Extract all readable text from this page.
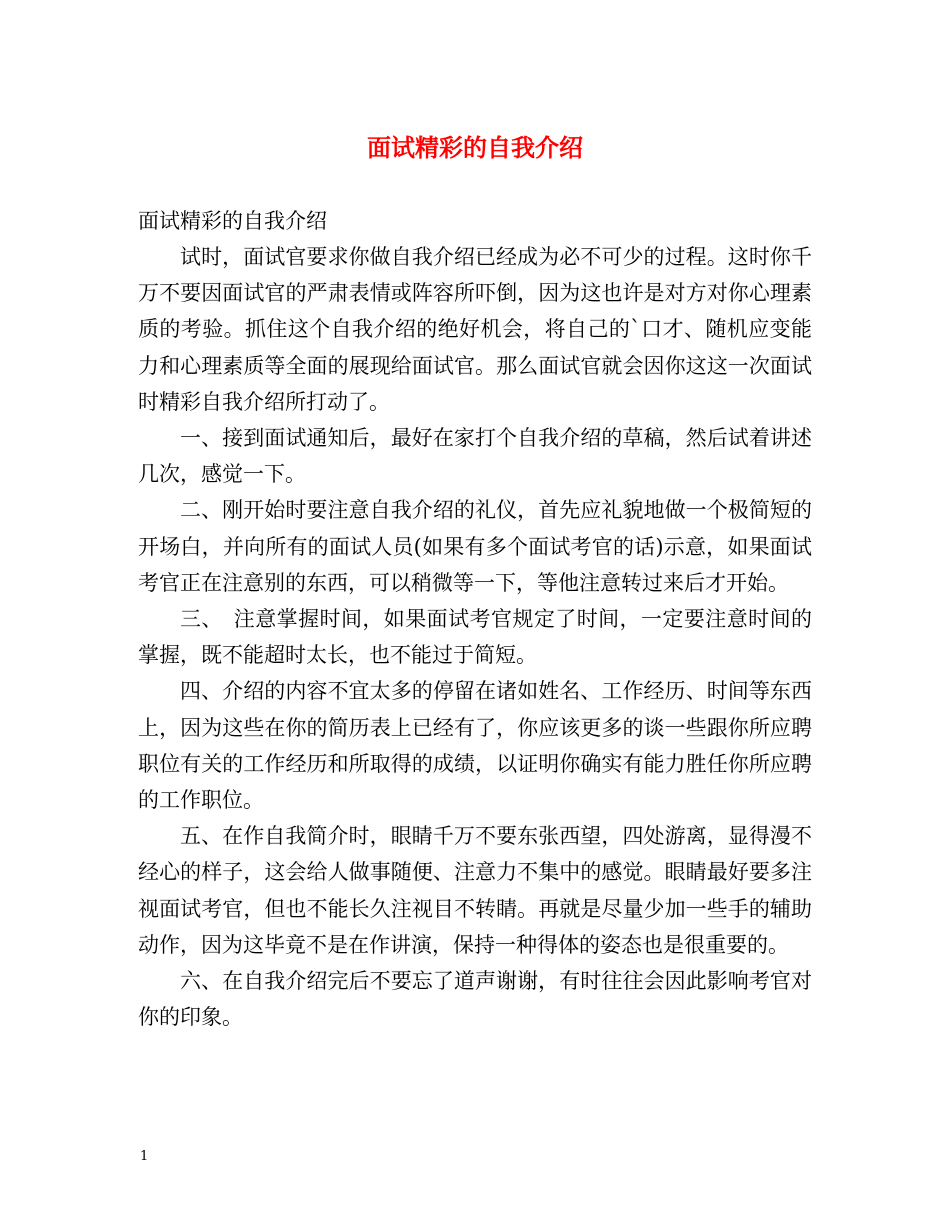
面试精彩的自我介绍

面试精彩的自我介绍

试时，面试官要求你做自我介绍已经成为必不可少的过程。这时你千万不要因面试官的严肃表情或阵容所吓倒，因为这也许是对方对你心理素质的考验。抓住这个自我介绍的绝好机会，将自己的`口才、随机应变能力和心理素质等全面的展现给面试官。那么面试官就会因你这这一次面试时精彩自我介绍所打动了。

一、接到面试通知后，最好在家打个自我介绍的草稿，然后试着讲述几次，感觉一下。

二、刚开始时要注意自我介绍的礼仪，首先应礼貌地做一个极简短的开场白，并向所有的面试人员(如果有多个面试考官的话)示意，如果面试考官正在注意别的东西，可以稍微等一下，等他注意转过来后才开始。

三、　注意掌握时间，如果面试考官规定了时间，一定要注意时间的掌握，既不能超时太长，也不能过于简短。

四、介绍的内容不宜太多的停留在诸如姓名、工作经历、时间等东西上，因为这些在你的简历表上已经有了，你应该更多的谈一些跟你所应聘职位有关的工作经历和所取得的成绩，以证明你确实有能力胜任你所应聘的工作职位。

五、在作自我简介时，眼睛千万不要东张西望，四处游离，显得漫不经心的样子，这会给人做事随便、注意力不集中的感觉。眼睛最好要多注视面试考官，但也不能长久注视目不转睛。再就是尽量少加一些手的辅助动作，因为这毕竟不是在作讲演，保持一种得体的姿态也是很重要的。

六、在自我介绍完后不要忘了道声谢谢，有时往往会因此影响考官对你的印象。

1
